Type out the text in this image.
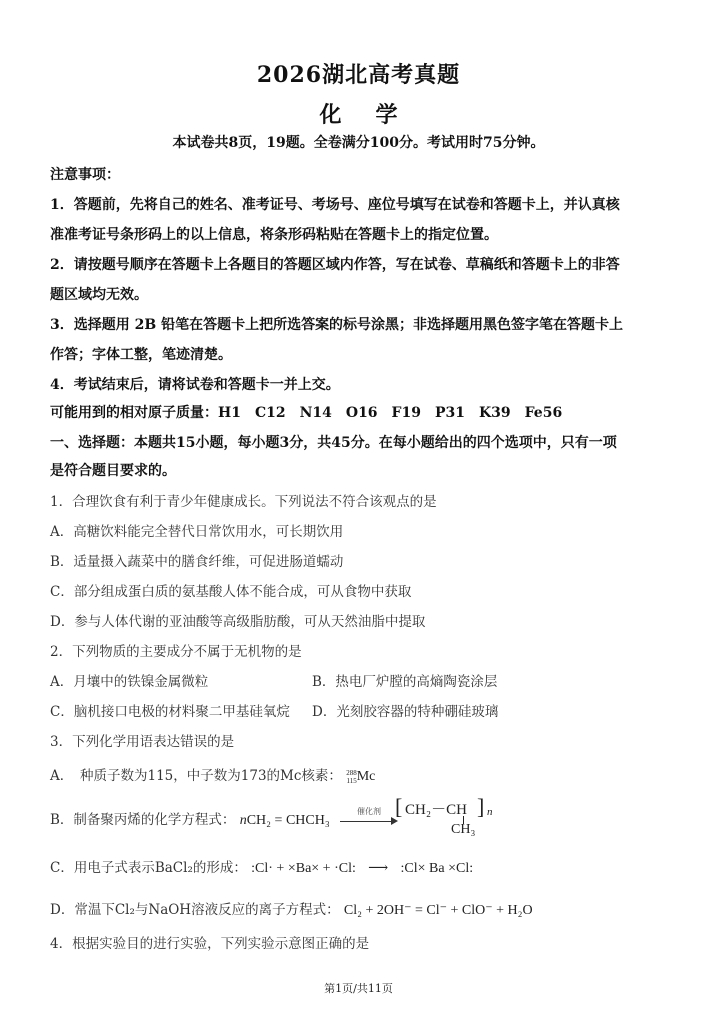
2026湖北高考真题
化学
本试卷共8页，19题。全卷满分100分。考试用时75分钟。
注意事项：
1．答题前，先将自己的姓名、准考证号、考场号、座位号填写在试卷和答题卡上，并认真核
准准考证号条形码上的以上信息，将条形码粘贴在答题卡上的指定位置。
2．请按题号顺序在答题卡上各题目的答题区域内作答，写在试卷、草稿纸和答题卡上的非答
题区域均无效。
3．选择题用 2B 铅笔在答题卡上把所选答案的标号涂黑；非选择题用黑色签字笔在答题卡上
作答；字体工整，笔迹清楚。
4．考试结束后，请将试卷和答题卡一并上交。
可能用到的相对原子质量：H1　C12　N14　O16　F19　P31　K39　Fe56
一、选择题：本题共15小题，每小题3分，共45分。在每小题给出的四个选项中，只有一项
是符合题目要求的。
1．合理饮食有利于青少年健康成长。下列说法不符合该观点的是
A．高糖饮料能完全替代日常饮用水，可长期饮用
B．适量摄入蔬菜中的膳食纤维，可促进肠道蠕动
C．部分组成蛋白质的氨基酸人体不能合成，可从食物中获取
D．参与人体代谢的亚油酸等高级脂肪酸，可从天然油脂中提取
2．下列物质的主要成分不属于无机物的是
A．月壤中的铁镍金属微粒	B．热电厂炉膛的高熵陶瓷涂层
C．脑机接口电极的材料聚二甲基硅氧烷 D．光刻胶容器的特种硼硅玻璃
3．下列化学用语表达错误的是
A．　种质子数为115，中子数为173的Mc核素： 288
115 Mc
B．制备聚丙烯的化学方程式： nCH₂ = CHCH₃
催化剂 [ CH₂－CH ] n
CH₃
C．用电子式表示BaCl₂的形成： :Cl· + ×Ba× + ·Cl: ⟶ :Cl× Ba ×Cl:
D．常温下Cl₂与NaOH溶液反应的离子方程式： Cl₂ + 2OH⁻ = Cl⁻ + ClO⁻ + H₂O
4．根据实验目的进行实验，下列实验示意图正确的是
第1页/共11页
